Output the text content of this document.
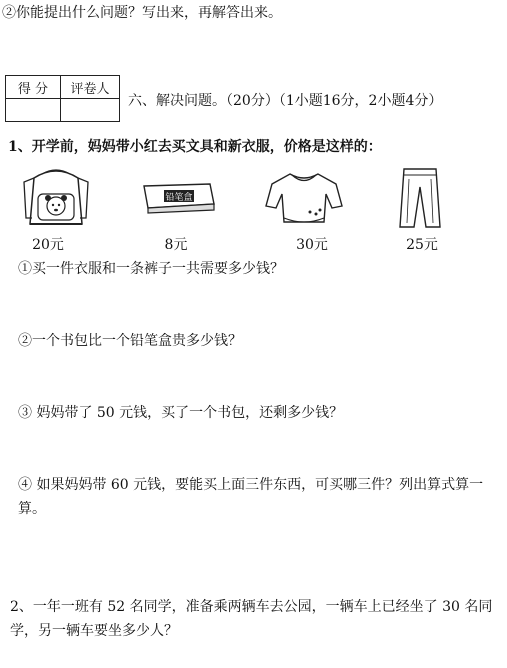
②你能提出什么问题？写出来，再解答出来。
得 分	评卷人

六、解决问题。（20分）（1小题16分，2小题4分）
1、开学前，妈妈带小红去买文具和新衣服，价格是这样的：
铅笔盒
20元	8元	30元	25元
①买一件衣服和一条裤子一共需要多少钱？
②一个书包比一个铅笔盒贵多少钱？
③ 妈妈带了 50 元钱，买了一个书包，还剩多少钱？
④ 如果妈妈带 60 元钱，要能买上面三件东西，可买哪三件？列出算式算一
算。
2、一年一班有 52 名同学，准备乘两辆车去公园，一辆车上已经坐了 30 名同
学，另一辆车要坐多少人？
